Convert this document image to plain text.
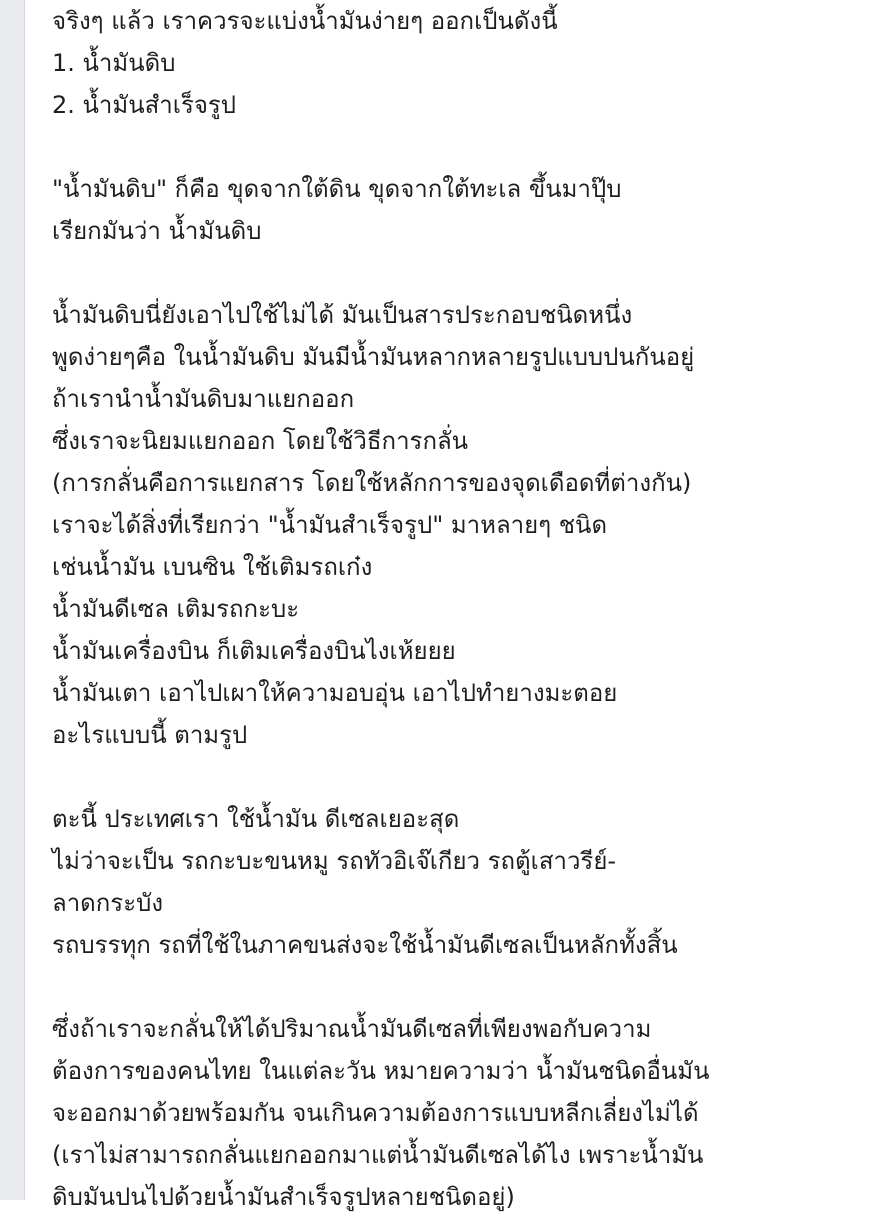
จริงๆ แล้ว เราควรจะแบ่งน้ำมันง่ายๆ ออกเป็นดังนี้
1. น้ำมันดิบ
2. น้ำมันสำเร็จรูป
"น้ำมันดิบ" ก็คือ ขุดจากใต้ดิน ขุดจากใต้ทะเล ขึ้นมาปุ๊บ
เรียกมันว่า น้ำมันดิบ
น้ำมันดิบนี่ยังเอาไปใช้ไม่ได้ มันเป็นสารประกอบชนิดหนึ่ง
พูดง่ายๆคือ ในน้ำมันดิบ มันมีน้ำมันหลากหลายรูปแบบปนกันอยู่
ถ้าเรานำน้ำมันดิบมาแยกออก
ซึ่งเราจะนิยมแยกออก โดยใช้วิธีการกลั่น
(การกลั่นคือการแยกสาร โดยใช้หลักการของจุดเดือดที่ต่างกัน)
เราจะได้สิ่งที่เรียกว่า "น้ำมันสำเร็จรูป" มาหลายๆ ชนิด
เช่นน้ำมัน เบนซิน ใช้เติมรถเก๋ง
น้ำมันดีเซล เติมรถกะบะ
น้ำมันเครื่องบิน ก็เติมเครื่องบินไงเห้ยยย
น้ำมันเตา เอาไปเผาให้ความอบอุ่น เอาไปทำยางมะตอย
อะไรแบบนี้ ตามรูป
ตะนี้ ประเทศเรา ใช้น้ำมัน ดีเซลเยอะสุด
ไม่ว่าจะเป็น รถกะบะขนหมู รถทัวอิเจ๊เกียว รถตู้เสาวรีย์-
ลาดกระบัง
รถบรรทุก รถที่ใช้ในภาคขนส่งจะใช้น้ำมันดีเซลเป็นหลักทั้งสิ้น
ซึ่งถ้าเราจะกลั่นให้ได้ปริมาณน้ำมันดีเซลที่เพียงพอกับความ
ต้องการของคนไทย ในแต่ละวัน หมายความว่า น้ำมันชนิดอื่นมัน
จะออกมาด้วยพร้อมกัน จนเกินความต้องการแบบหลีกเลี่ยงไม่ได้
(เราไม่สามารถกลั่นแยกออกมาแต่น้ำมันดีเซลได้ไง เพราะน้ำมัน
ดิบมันปนไปด้วยน้ำมันสำเร็จรูปหลายชนิดอยู่)
